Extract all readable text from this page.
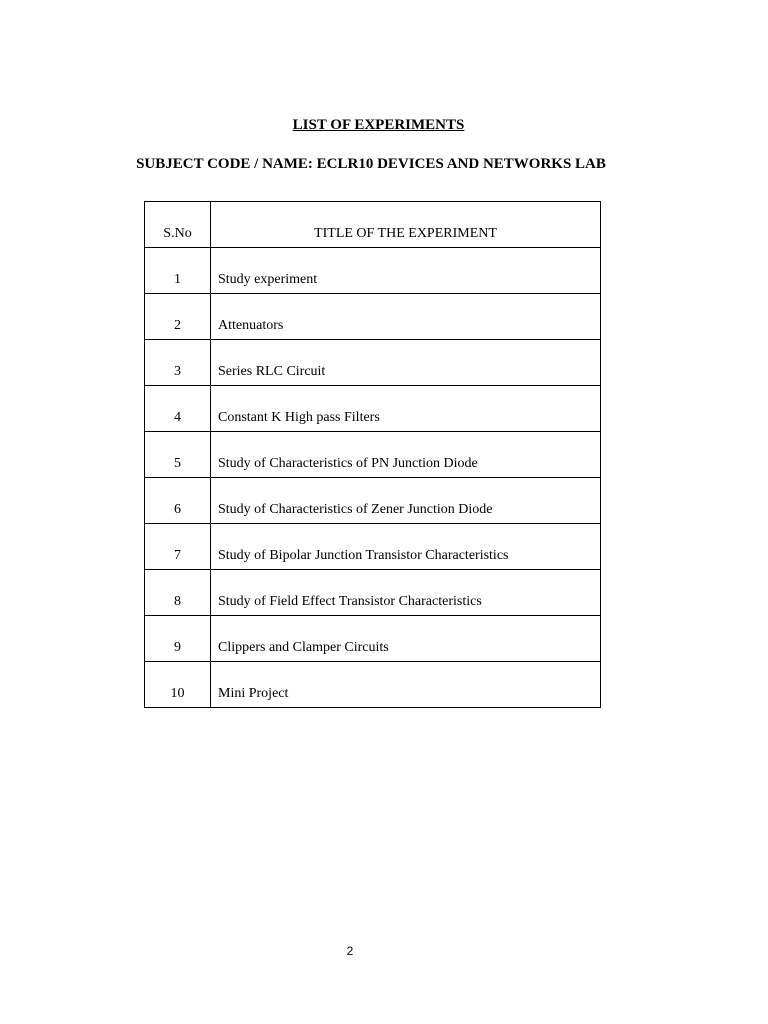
LIST OF EXPERIMENTS
SUBJECT CODE / NAME: ECLR10 DEVICES AND NETWORKS LAB
S.No	TITLE OF THE EXPERIMENT
1	Study experiment
2	Attenuators
3	Series RLC Circuit
4	Constant K High pass Filters
5	Study of Characteristics of PN Junction Diode
6	Study of Characteristics of Zener Junction Diode
7	Study of Bipolar Junction Transistor Characteristics
8	Study of Field Effect Transistor Characteristics
9	Clippers and Clamper Circuits
10	Mini Project
2
